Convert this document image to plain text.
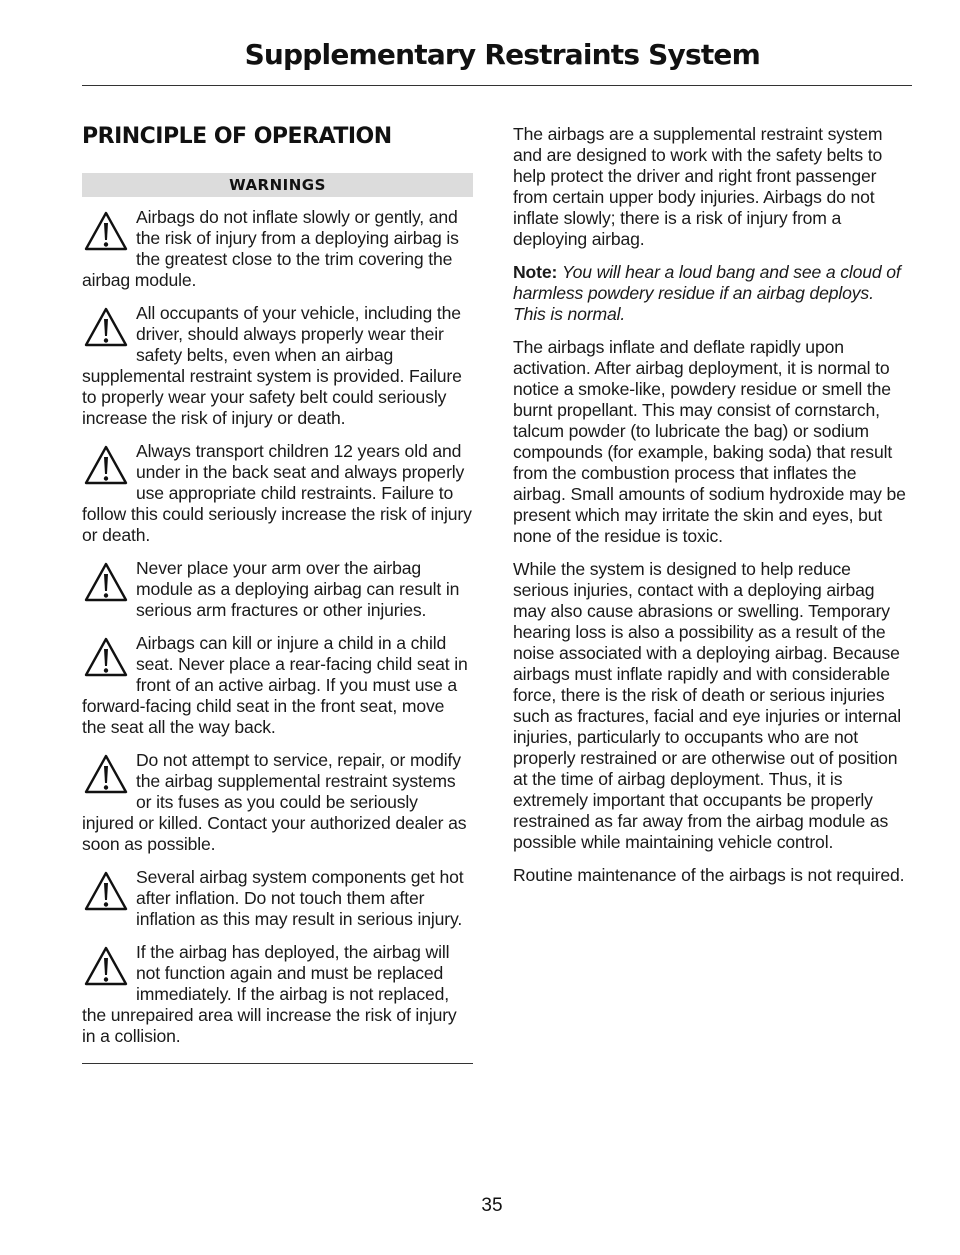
Supplementary Restraints System
PRINCIPLE OF OPERATION
WARNINGS
Airbags do not inflate slowly or gently, and the risk of injury from a deploying airbag is the greatest close to the trim covering the airbag module.
All occupants of your vehicle, including the driver, should always properly wear their safety belts, even when an airbag supplemental restraint system is provided. Failure to properly wear your safety belt could seriously increase the risk of injury or death.
Always transport children 12 years old and under in the back seat and always properly use appropriate child restraints. Failure to follow this could seriously increase the risk of injury or death.
Never place your arm over the airbag module as a deploying airbag can result in serious arm fractures or other injuries.
Airbags can kill or injure a child in a child seat. Never place a rear-facing child seat in front of an active airbag. If you must use a forward-facing child seat in the front seat, move the seat all the way back.
Do not attempt to service, repair, or modify the airbag supplemental restraint systems or its fuses as you could be seriously injured or killed. Contact your authorized dealer as soon as possible.
Several airbag system components get hot after inflation. Do not touch them after inflation as this may result in serious injury.
If the airbag has deployed, the airbag will not function again and must be replaced immediately. If the airbag is not replaced, the unrepaired area will increase the risk of injury in a collision.

The airbags are a supplemental restraint system and are designed to work with the safety belts to help protect the driver and right front passenger from certain upper body injuries. Airbags do not inflate slowly; there is a risk of injury from a deploying airbag.

Note: You will hear a loud bang and see a cloud of harmless powdery residue if an airbag deploys. This is normal.

The airbags inflate and deflate rapidly upon activation. After airbag deployment, it is normal to notice a smoke-like, powdery residue or smell the burnt propellant. This may consist of cornstarch, talcum powder (to lubricate the bag) or sodium compounds (for example, baking soda) that result from the combustion process that inflates the airbag. Small amounts of sodium hydroxide may be present which may irritate the skin and eyes, but none of the residue is toxic.

While the system is designed to help reduce serious injuries, contact with a deploying airbag may also cause abrasions or swelling. Temporary hearing loss is also a possibility as a result of the noise associated with a deploying airbag. Because airbags must inflate rapidly and with considerable force, there is the risk of death or serious injuries such as fractures, facial and eye injuries or internal injuries, particularly to occupants who are not properly restrained or are otherwise out of position at the time of airbag deployment. Thus, it is extremely important that occupants be properly restrained as far away from the airbag module as possible while maintaining vehicle control.

Routine maintenance of the airbags is not required.

35
